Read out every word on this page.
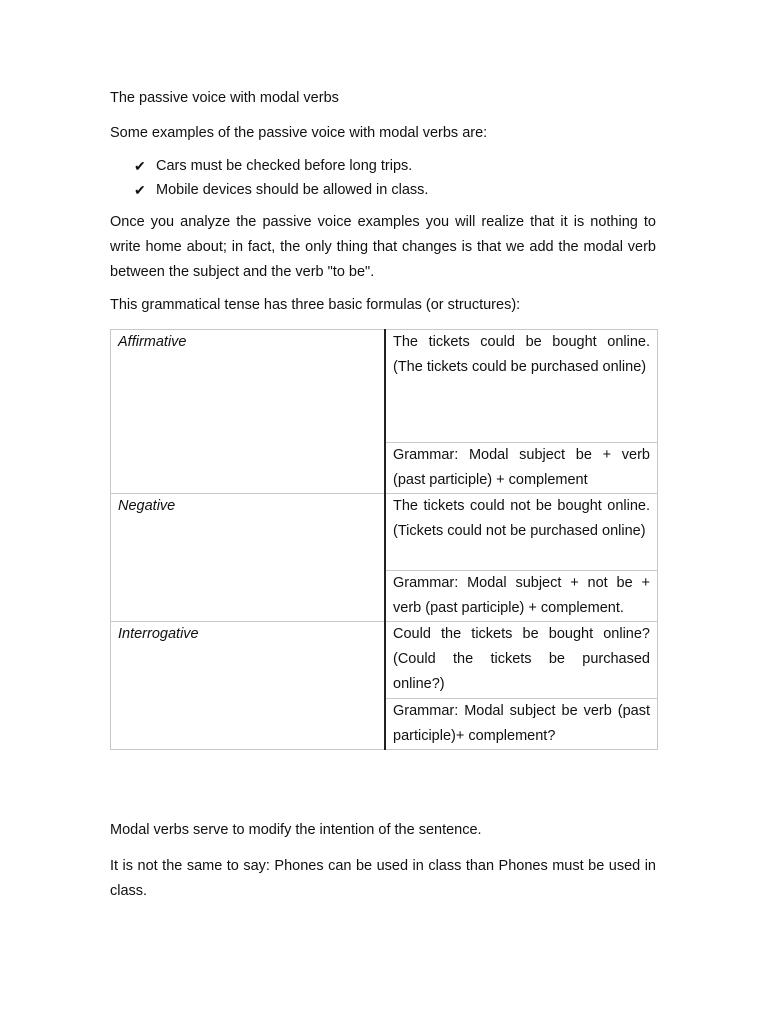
The passive voice with modal verbs

Some examples of the passive voice with modal verbs are:

✔ Cars must be checked before long trips.
✔ Mobile devices should be allowed in class.

Once you analyze the passive voice examples you will realize that it is nothing to write home about; in fact, the only thing that changes is that we add the modal verb between the subject and the verb "to be".

This grammatical tense has three basic formulas (or structures):

Affirmative	The tickets could be bought online. (The tickets could be purchased online)
	Grammar: Modal subject be + verb (past participle) + complement
Negative	The tickets could not be bought online. (Tickets could not be purchased online)
	Grammar: Modal subject + not be + verb (past participle) + complement.
Interrogative	Could the tickets be bought online? (Could the tickets be purchased online?)
	Grammar: Modal subject be verb (past participle)+ complement?

Modal verbs serve to modify the intention of the sentence.

It is not the same to say: Phones can be used in class than Phones must be used in class.
